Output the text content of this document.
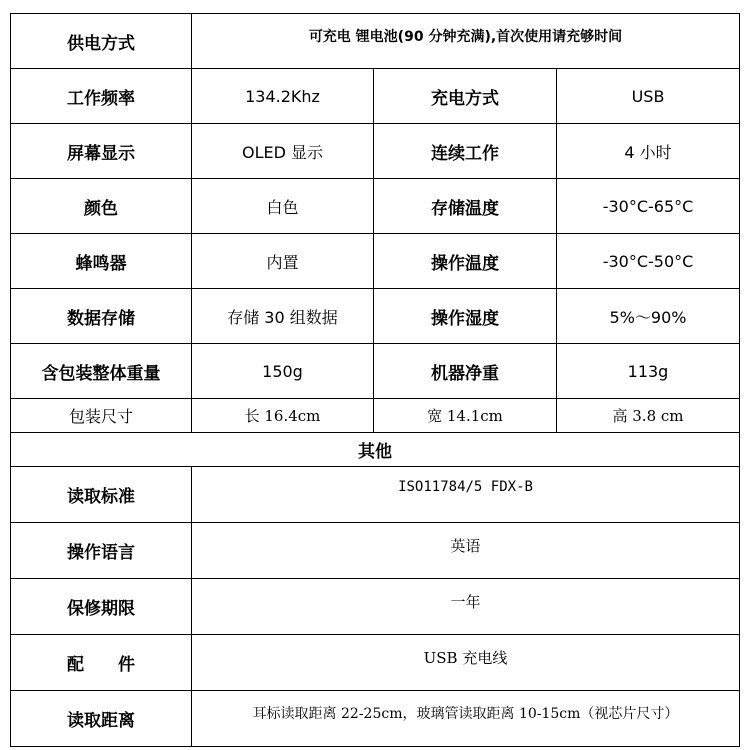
供电方式	可充电 锂电池(90 分钟充满),首次使用请充够时间
工作频率	134.2Khz	充电方式	USB
屏幕显示	OLED 显示	连续工作	4 小时
颜色	白色	存储温度	-30°C-65°C
蜂鸣器	内置	操作温度	-30°C-50°C
数据存储	存储 30 组数据	操作湿度	5%～90%
含包装整体重量	150g	机器净重	113g
包装尺寸	长 16.4cm	宽 14.1cm	高 3.8 cm
其他
读取标准	ISO11784/5 FDX-B
操作语言	英语
保修期限	一年
配　　件	USB 充电线
读取距离	耳标读取距离 22-25cm，玻璃管读取距离 10-15cm（视芯片尺寸）
